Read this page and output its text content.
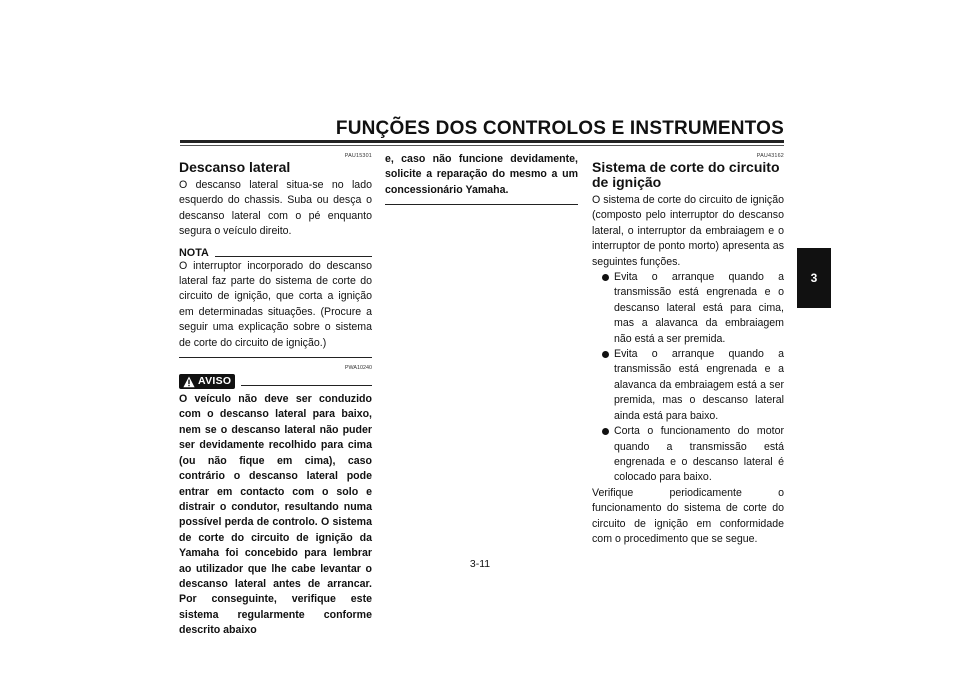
FUNÇÕES DOS CONTROLOS E INSTRUMENTOS
3
PAU15301
Descanso lateral

O descanso lateral situa-se no lado esquerdo do chassis. Suba ou desça o descanso lateral com o pé enquanto segura o veículo direito.

NOTA

O interruptor incorporado do descanso lateral faz parte do sistema de corte do circuito de ignição, que corta a ignição em determinadas situações. (Procure a seguir uma explicação sobre o sistema de corte do circuito de ignição.)

PWA10240
AVISO

O veículo não deve ser conduzido com o descanso lateral para baixo, nem se o descanso lateral não puder ser devidamente recolhido para cima (ou não fique em cima), caso contrário o descanso lateral pode entrar em contacto com o solo e distrair o condutor, resultando numa possível perda de controlo. O sistema de corte do circuito de ignição da Yamaha foi concebido para lembrar ao utilizador que lhe cabe levantar o descanso lateral antes de arrancar. Por conseguinte, verifique este sistema regularmente conforme descrito abaixo

e, caso não funcione devidamente, solicite a reparação do mesmo a um concessionário Yamaha.

PAU43162
Sistema de corte do circuito de ignição

O sistema de corte do circuito de ignição (composto pelo interruptor do descanso lateral, o interruptor da embraiagem e o interruptor de ponto morto) apresenta as seguintes funções.

Evita o arranque quando a transmissão está engrenada e o descanso lateral está para cima, mas a alavanca da embraiagem não está a ser premida.
Evita o arranque quando a transmissão está engrenada e a alavanca da embraiagem está a ser premida, mas o descanso lateral ainda está para baixo.
Corta o funcionamento do motor quando a transmissão está engrenada e o descanso lateral é colocado para baixo.

Verifique periodicamente o funcionamento do sistema de corte do circuito de ignição em conformidade com o procedimento que se segue.

3-11
